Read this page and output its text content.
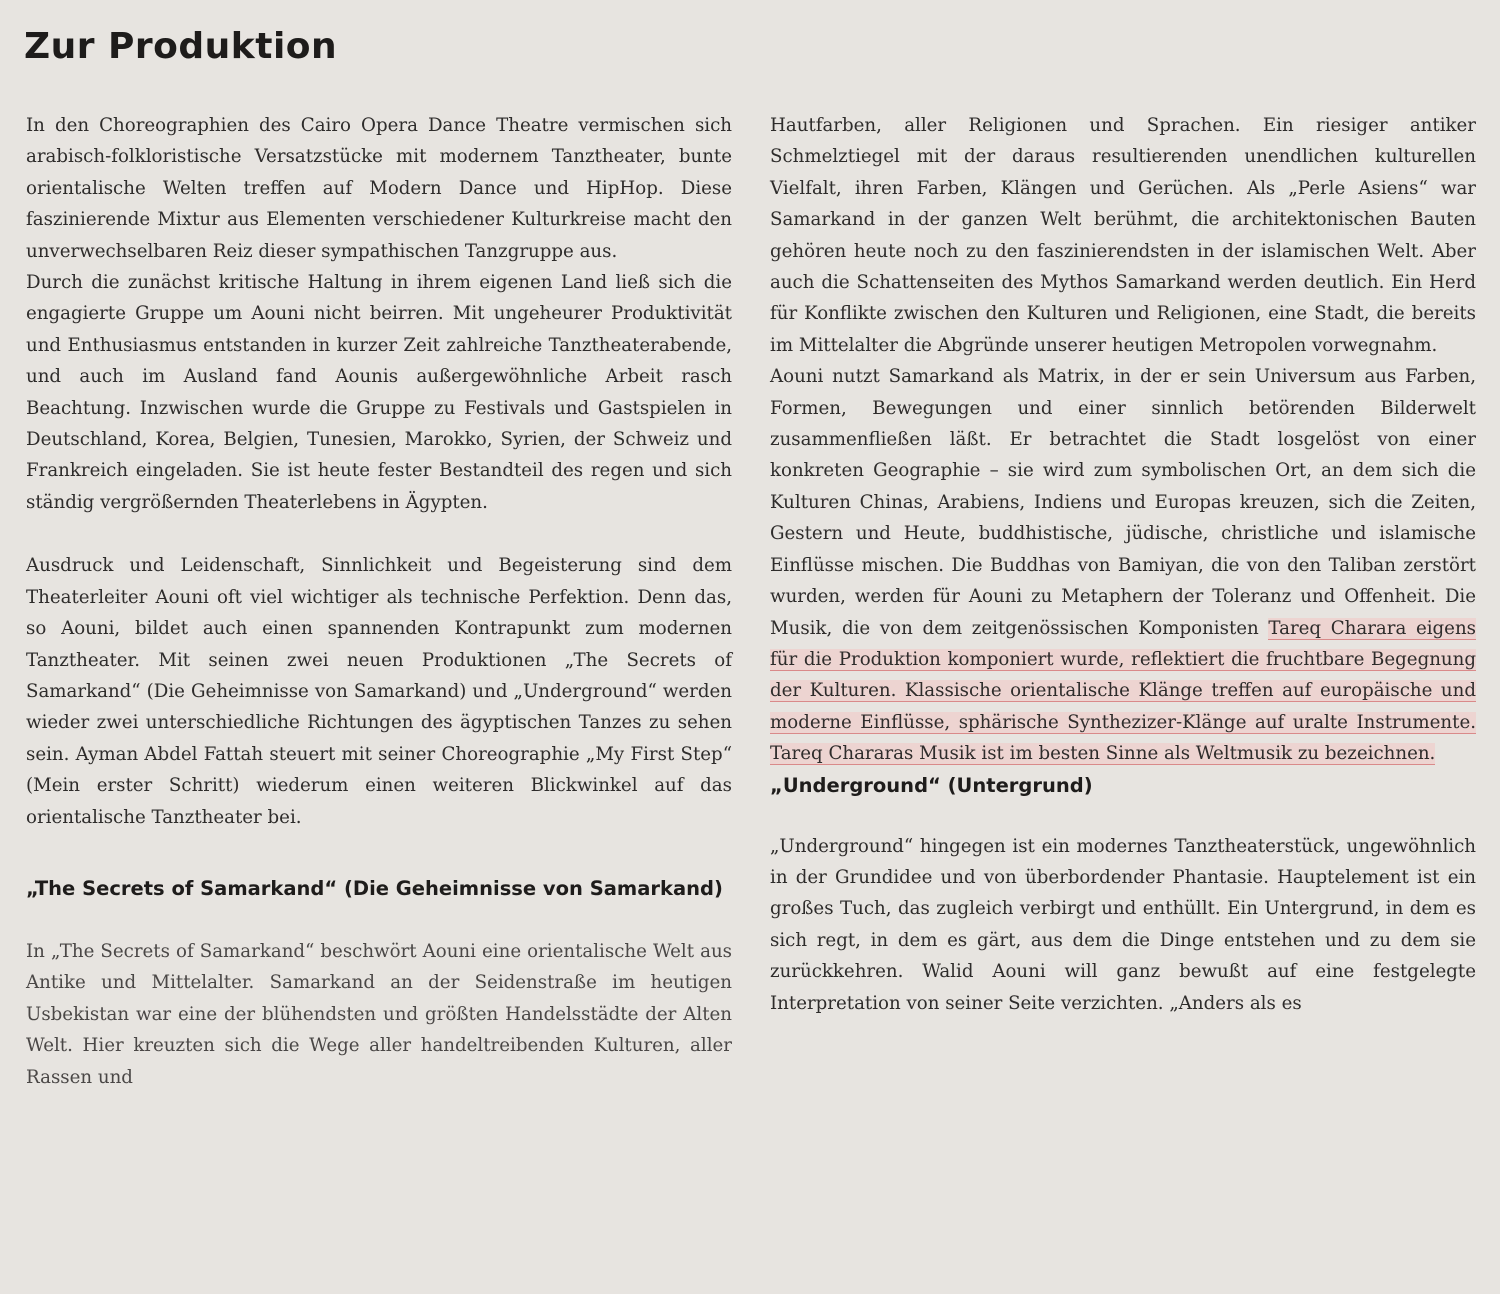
Zur Produktion

In den Choreographien des Cairo Opera Dance Theatre vermischen sich arabisch-folkloristische Versatzstücke mit modernem Tanztheater, bunte orientalische Welten treffen auf Modern Dance und HipHop. Diese faszinierende Mixtur aus Elementen verschiedener Kulturkreise macht den unverwechselbaren Reiz dieser sympathischen Tanzgruppe aus.

Durch die zunächst kritische Haltung in ihrem eigenen Land ließ sich die engagierte Gruppe um Aouni nicht beirren. Mit ungeheurer Produktivität und Enthusiasmus entstanden in kurzer Zeit zahlreiche Tanztheaterabende, und auch im Ausland fand Aounis außergewöhnliche Arbeit rasch Beachtung. Inzwischen wurde die Gruppe zu Festivals und Gastspielen in Deutschland, Korea, Belgien, Tunesien, Marokko, Syrien, der Schweiz und Frankreich eingeladen. Sie ist heute fester Bestandteil des regen und sich ständig vergrößernden Theaterlebens in Ägypten.

Ausdruck und Leidenschaft, Sinnlichkeit und Begeisterung sind dem Theaterleiter Aouni oft viel wichtiger als technische Perfektion. Denn das, so Aouni, bildet auch einen spannenden Kontrapunkt zum modernen Tanztheater. Mit seinen zwei neuen Produktionen „The Secrets of Samarkand“ (Die Geheimnisse von Samarkand) und „Underground“ werden wieder zwei unterschiedliche Richtungen des ägyptischen Tanzes zu sehen sein. Ayman Abdel Fattah steuert mit seiner Choreographie „My First Step“ (Mein erster Schritt) wiederum einen weiteren Blickwinkel auf das orientalische Tanztheater bei.

„The Secrets of Samarkand“ (Die Geheimnisse von Samarkand)

In „The Secrets of Samarkand“ beschwört Aouni eine orientalische Welt aus Antike und Mittelalter. Samarkand an der Seidenstraße im heutigen Usbekistan war eine der blühendsten und größten Handelsstädte der Alten Welt. Hier kreuzten sich die Wege aller handeltreibenden Kulturen, aller Rassen und

Hautfarben, aller Religionen und Sprachen. Ein riesiger antiker Schmelztiegel mit der daraus resultierenden unendlichen kulturellen Vielfalt, ihren Farben, Klängen und Gerüchen. Als „Perle Asiens“ war Samarkand in der ganzen Welt berühmt, die architektonischen Bauten gehören heute noch zu den faszinierendsten in der islamischen Welt. Aber auch die Schattenseiten des Mythos Samarkand werden deutlich. Ein Herd für Konflikte zwischen den Kulturen und Religionen, eine Stadt, die bereits im Mittelalter die Abgründe unserer heutigen Metropolen vorwegnahm.

Aouni nutzt Samarkand als Matrix, in der er sein Universum aus Farben, Formen, Bewegungen und einer sinnlich betörenden Bilderwelt zusammenfließen läßt. Er betrachtet die Stadt losgelöst von einer konkreten Geographie – sie wird zum symbolischen Ort, an dem sich die Kulturen Chinas, Arabiens, Indiens und Europas kreuzen, sich die Zeiten, Gestern und Heute, buddhistische, jüdische, christliche und islamische Einflüsse mischen. Die Buddhas von Bamiyan, die von den Taliban zerstört wurden, werden für Aouni zu Metaphern der Toleranz und Offenheit. Die Musik, die von dem zeitgenössischen Komponisten Tareq Charara eigens für die Produktion komponiert wurde, reflektiert die fruchtbare Begegnung der Kulturen. Klassische orientalische Klänge treffen auf europäische und moderne Einflüsse, sphärische Synthezizer-Klänge auf uralte Instrumente. Tareq Chararas Musik ist im besten Sinne als Weltmusik zu bezeichnen.

„Underground“ (Untergrund)

„Underground“ hingegen ist ein modernes Tanztheaterstück, ungewöhnlich in der Grundidee und von überbordender Phantasie. Hauptelement ist ein großes Tuch, das zugleich verbirgt und enthüllt. Ein Untergrund, in dem es sich regt, in dem es gärt, aus dem die Dinge entstehen und zu dem sie zurückkehren. Walid Aouni will ganz bewußt auf eine festgelegte Interpretation von seiner Seite verzichten. „Anders als es
